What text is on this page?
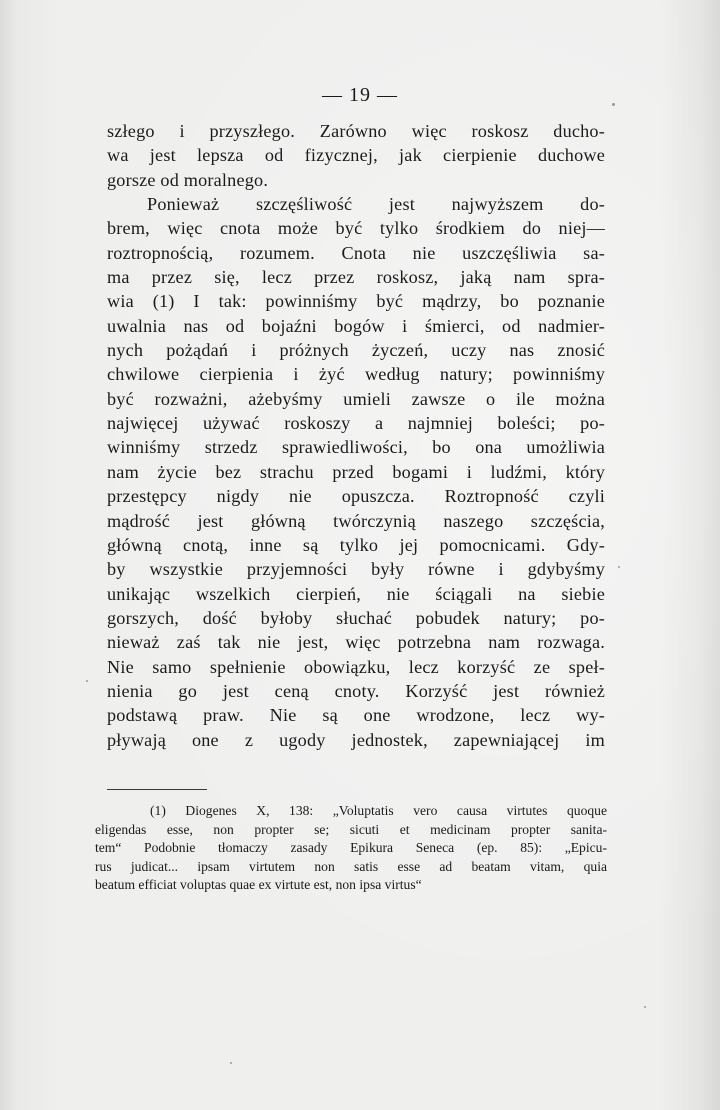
— 19 —
szłego i przyszłego. Zarówno więc roskosz ducho-
wa jest lepsza od fizycznej, jak cierpienie duchowe
gorsze od moralnego.
Ponieważ szczęśliwość jest najwyższem do-
brem, więc cnota może być tylko środkiem do niej—
roztropnością, rozumem. Cnota nie uszczęśliwia sa-
ma przez się, lecz przez roskosz, jaką nam spra-
wia (1) I tak: powinniśmy być mądrzy, bo poznanie
uwalnia nas od bojaźni bogów i śmierci, od nadmier-
nych pożądań i próżnych życzeń, uczy nas znosić
chwilowe cierpienia i żyć według natury; powinniśmy
być rozważni, ażebyśmy umieli zawsze o ile można
najwięcej używać roskoszy a najmniej boleści; po-
winniśmy strzedz sprawiedliwości, bo ona umożliwia
nam życie bez strachu przed bogami i ludźmi, który
przestępcy nigdy nie opuszcza. Roztropność czyli
mądrość jest główną twórczynią naszego szczęścia,
główną cnotą, inne są tylko jej pomocnicami. Gdy-
by wszystkie przyjemności były równe i gdybyśmy
unikając wszelkich cierpień, nie ściągali na siebie
gorszych, dość byłoby słuchać pobudek natury; po-
nieważ zaś tak nie jest, więc potrzebna nam rozwaga.
Nie samo spełnienie obowiązku, lecz korzyść ze speł-
nienia go jest ceną cnoty. Korzyść jest również
podstawą praw. Nie są one wrodzone, lecz wy-
pływają one z ugody jednostek, zapewniającej im
(1) Diogenes X, 138: „Voluptatis vero causa virtutes quoque
eligendas esse, non propter se; sicuti et medicinam propter sanita-
tem“ Podobnie tłomaczy zasady Epikura Seneca (ep. 85): „Epicu-
rus judicat... ipsam virtutem non satis esse ad beatam vitam, quia
beatum efficiat voluptas quae ex virtute est, non ipsa virtus“
